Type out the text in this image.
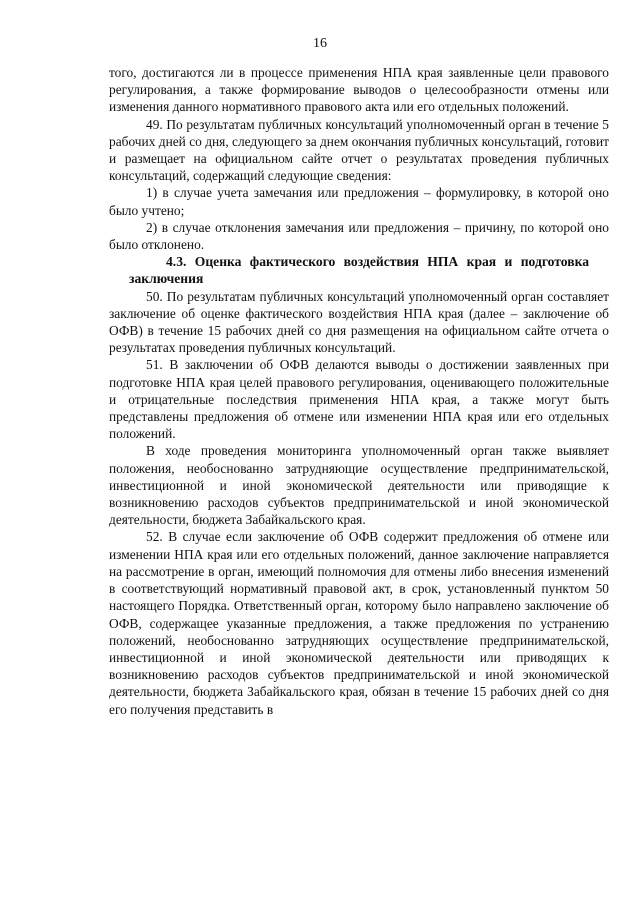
16

того, достигаются ли в процессе применения НПА края заявленные цели правового регулирования, а также формирование выводов о целесообразности отмены или изменения данного нормативного правового акта или его отдельных положений.

49. По результатам публичных консультаций уполномоченный орган в течение 5 рабочих дней со дня, следующего за днем окончания публичных консультаций, готовит и размещает на официальном сайте отчет о результатах проведения публичных консультаций, содержащий следующие сведения:

1) в случае учета замечания или предложения – формулировку, в которой оно было учтено;

2) в случае отклонения замечания или предложения – причину, по которой оно было отклонено.

4.3. Оценка фактического воздействия НПА края и подготовка заключения

50. По результатам публичных консультаций уполномоченный орган составляет заключение об оценке фактического воздействия НПА края (далее – заключение об ОФВ) в течение 15 рабочих дней со дня размещения на официальном сайте отчета о результатах проведения публичных консультаций.

51. В заключении об ОФВ делаются выводы о достижении заявленных при подготовке НПА края целей правового регулирования, оценивающего положительные и отрицательные последствия применения НПА края, а также могут быть представлены предложения об отмене или изменении НПА края или его отдельных положений.

В ходе проведения мониторинга уполномоченный орган также выявляет положения, необоснованно затрудняющие осуществление предпринимательской, инвестиционной и иной экономической деятельности или приводящие к возникновению расходов субъектов предпринимательской и иной экономической деятельности, бюджета Забайкальского края.

52. В случае если заключение об ОФВ содержит предложения об отмене или изменении НПА края или его отдельных положений, данное заключение направляется на рассмотрение в орган, имеющий полномочия для отмены либо внесения изменений в соответствующий нормативный правовой акт, в срок, установленный пунктом 50 настоящего Порядка. Ответственный орган, которому было направлено заключение об ОФВ, содержащее указанные предложения, а также предложения по устранению положений, необоснованно затрудняющих осуществление предпринимательской, инвестиционной и иной экономической деятельности или приводящих к возникновению расходов субъектов предпринимательской и иной экономической деятельности, бюджета Забайкальского края, обязан в течение 15 рабочих дней со дня его получения представить в
